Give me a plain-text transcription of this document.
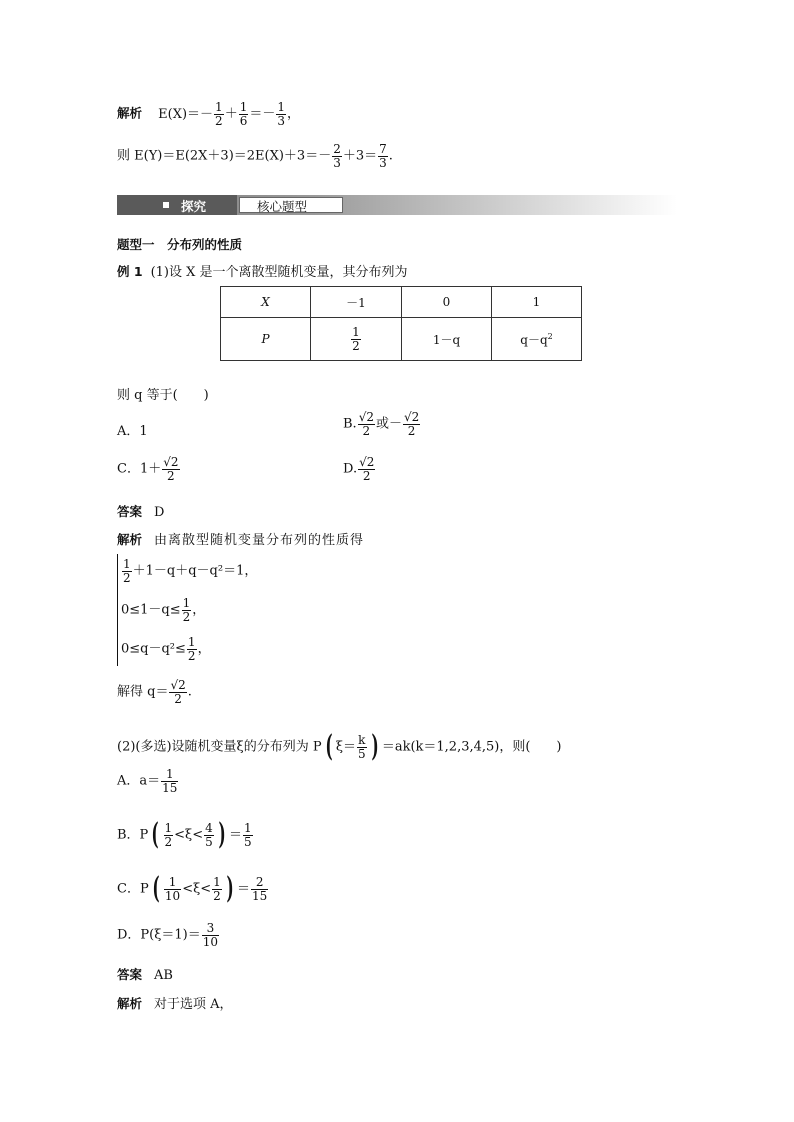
解析 $E(X)=- \frac{1}{2} + \frac{1}{6} =- \frac{1}{3}$ ，
则 $E(Y)=E(2X+3)=2E(X)+3=- \frac{2}{3} +3= \frac{7}{3}$ .
探究	核心题型
题型一　分布列的性质
例 1 (1)设 X 是一个离散型随机变量，其分布列为
X	－1	0	1
P	$\frac{1}{2}$	1－q	$q-q^2$
则 q 等于(　　)
A．1	B. $\frac{√2}{2}$ 或－ $\frac{√2}{2}$
C．$1+ \frac{√2}{2}$	D. $\frac{√2}{2}$
答案 D
解析 由离散型随机变量分布列的性质得
$\frac{1}{2} +1-q+q-q^2=1$，
$0\le 1-q\le \frac{1}{2}$ ，
$0\le q-q^2\le \frac{1}{2}$ ，
解得 $q= \frac{√2}{2}$ .
(2)(多选)设随机变量ξ的分布列为 P ( $\xi= \frac{k}{5}$ ) ＝ak(k＝1,2,3,4,5)，则(　　)
A．$a= \frac{1}{15}$
B．P ( $\frac{1}{2} <\xi< \frac{4}{5}$ ) ＝ $\frac{1}{5}$
C．P ( $\frac{1}{10} <\xi< \frac{1}{2}$ ) ＝ $\frac{2}{15}$
D．$P(\xi=1)= \frac{3}{10}$
答案 AB
解析 对于选项 A，
